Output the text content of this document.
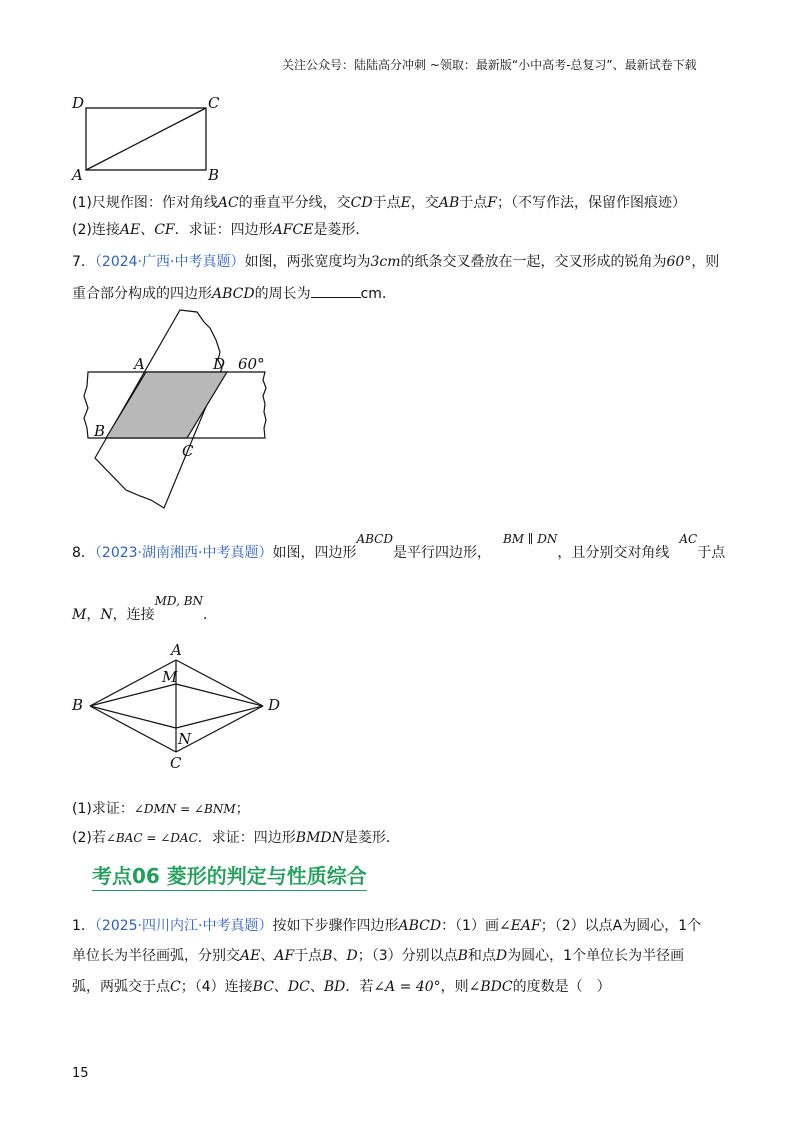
关注公众号：陆陆高分冲刺 ~领取：最新版“小中高考-总复习”、最新试卷下载
D	C
A	B
(1)尺规作图：作对角线AC的垂直平分线，交CD于点E，交AB于点F；（不写作法，保留作图痕迹）
(2)连接AE、CF．求证：四边形AFCE是菱形．
7．（2024·广西·中考真题）如图，两张宽度均为3cm的纸条交叉叠放在一起，交叉形成的锐角为60°，则
重合部分构成的四边形ABCD的周长为	cm．
A	D 60°
B
C
8．（2023·湖南湘西·中考真题）如图，四边形ABCD是平行四边形，BM ∥ DN，且分别交对角线AC于点
M，N，连接MD, BN．
A
M
B	D
N
C
(1)求证：∠DMN = ∠BNM；
(2)若∠BAC = ∠DAC．求证：四边形BMDN是菱形．
考点06 菱形的判定与性质综合
1．（2025·四川内江·中考真题）按如下步骤作四边形ABCD：（1）画∠EAF；（2）以点A为圆心，1个
单位长为半径画弧，分别交AE、AF于点B、D；（3）分别以点B和点D为圆心，1个单位长为半径画
弧，两弧交于点C；（4）连接BC、DC、BD．若∠A = 40°，则∠BDC的度数是（　）
15
